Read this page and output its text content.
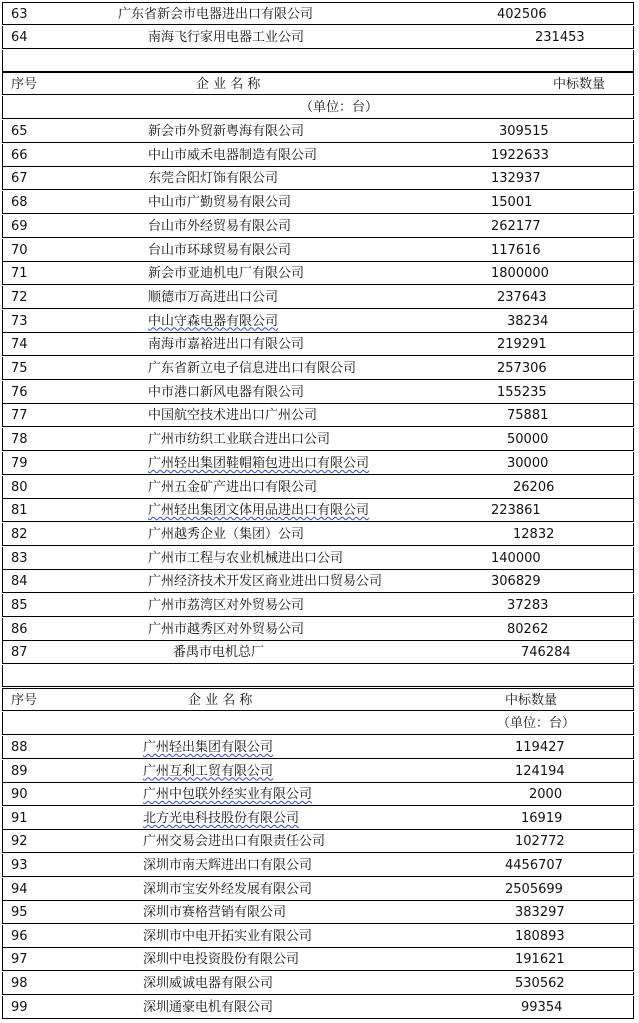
63	广东省新会市电器进出口有限公司	402506
64	南海飞行家用电器工业公司	231453
序号	企 业 名 称	中标数量
（单位：台）
65	新会市外贸新粤海有限公司	309515
66	中山市威禾电器制造有限公司	1922633
67	东莞合阳灯饰有限公司	132937
68	中山市广勤贸易有限公司	15001
69	台山市外经贸易有限公司	262177
70	台山市环球贸易有限公司	117616
71	新会市亚迪机电厂有限公司	1800000
72	顺德市万高进出口公司	237643
73	中山守森电器有限公司	38234
74	南海市嘉裕进出口有限公司	219291
75	广东省新立电子信息进出口有限公司	257306
76	中市港口新风电器有限公司	155235
77	中国航空技术进出口广州公司	75881
78	广州市纺织工业联合进出口公司	50000
79	广州轻出集团鞋帽箱包进出口有限公司	30000
80	广州五金矿产进出口有限公司	26206
81	广州轻出集团文体用品进出口有限公司	223861
82	广州越秀企业（集团）公司	12832
83	广州市工程与农业机械进出口公司	140000
84	广州经济技术开发区商业进出口贸易公司	306829
85	广州市荔湾区对外贸易公司	37283
86	广州市越秀区对外贸易公司	80262
87	番禺市电机总厂	746284
序号	企 业 名 称	中标数量
（单位：台）
88	广州轻出集团有限公司	119427
89	广州互利工贸有限公司	124194
90	广州中包联外经实业有限公司	2000
91	北方光电科技股份有限公司	16919
92	广州交易会进出口有限责任公司	102772
93	深圳市南天辉进出口有限公司	4456707
94	深圳市宝安外经发展有限公司	2505699
95	深圳市赛格营销有限公司	383297
96	深圳市中电开拓实业有限公司	180893
97	深圳中电投资股份有限公司	191621
98	深圳威诚电器有限公司	530562
99	深圳通豪电机有限公司	99354
